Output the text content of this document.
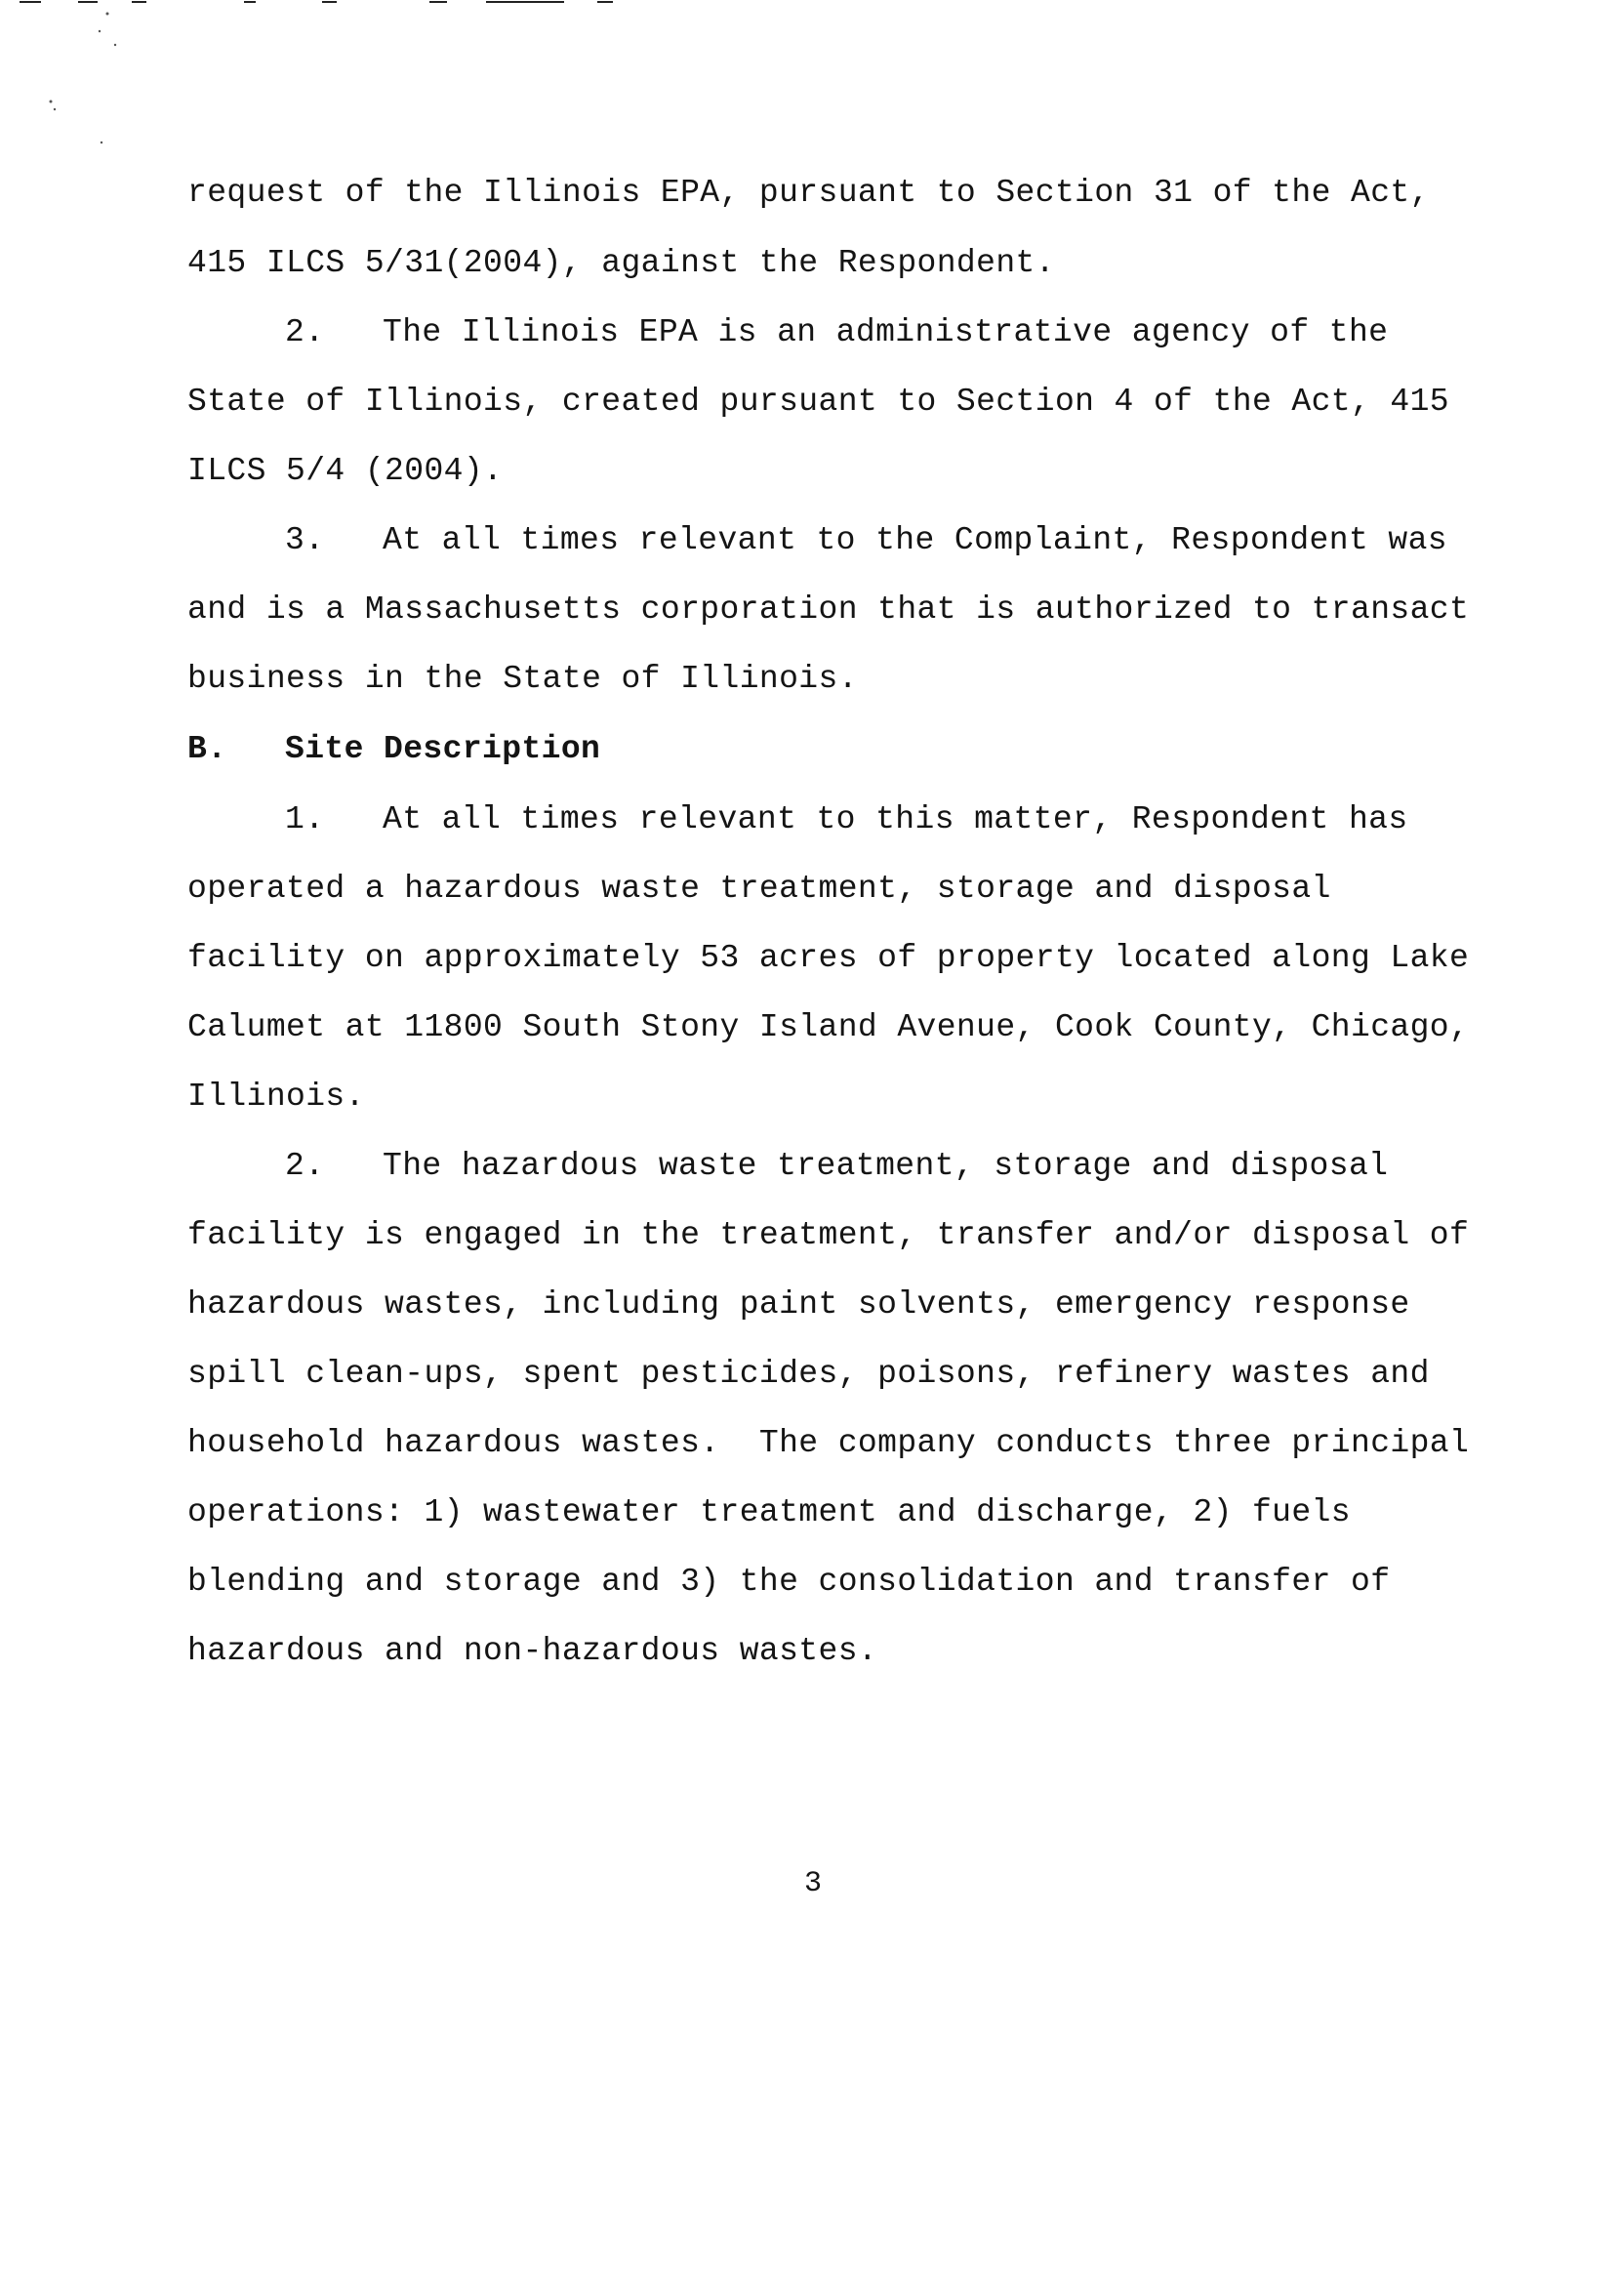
request of the Illinois EPA, pursuant to Section 31 of the Act,
415 ILCS 5/31(2004), against the Respondent.
2. The Illinois EPA is an administrative agency of the
State of Illinois, created pursuant to Section 4 of the Act, 415
ILCS 5/4 (2004).
3. At all times relevant to the Complaint, Respondent was
and is a Massachusetts corporation that is authorized to transact
business in the State of Illinois.
B. Site Description
1. At all times relevant to this matter, Respondent has
operated a hazardous waste treatment, storage and disposal
facility on approximately 53 acres of property located along Lake
Calumet at 11800 South Stony Island Avenue, Cook County, Chicago,
Illinois.
2. The hazardous waste treatment, storage and disposal
facility is engaged in the treatment, transfer and/or disposal of
hazardous wastes, including paint solvents, emergency response
spill clean-ups, spent pesticides, poisons, refinery wastes and
household hazardous wastes.  The company conducts three principal
operations: 1) wastewater treatment and discharge, 2) fuels
blending and storage and 3) the consolidation and transfer of
hazardous and non-hazardous wastes.
3
